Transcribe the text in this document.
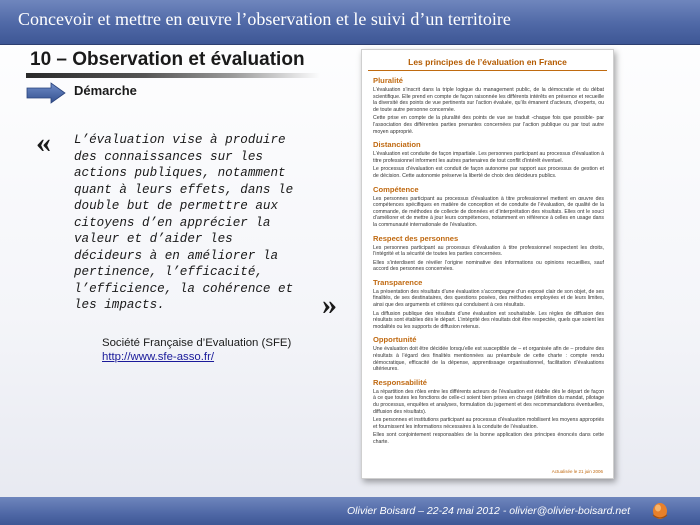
Concevoir et mettre en œuvre l’observation et le suivi d’un territoire
10 – Observation et évaluation
Démarche
« L’évaluation vise à produire
des connaissances sur les
actions publiques, notamment
quant à leurs effets, dans le
double but de permettre aux
citoyens d’en apprécier la
valeur et d’aider les
décideurs à en améliorer la
pertinence, l’efficacité,
l’efficience, la cohérence et
les impacts.	»
Société Française d’Evaluation (SFE)
http://www.sfe-asso.fr/
Les principes de l’évaluation en France
Pluralité

L’évaluation s’inscrit dans la triple logique du management public, de la démocratie et du débat scientifique. Elle prend en compte de façon raisonnée les différents intérêts en présence et recueille la diversité des points de vue pertinents sur l’action évaluée, qu’ils émanent d’acteurs, d’experts, ou de toute autre personne concernée.

Cette prise en compte de la pluralité des points de vue se traduit -chaque fois que possible- par l’association des différentes parties prenantes concernées par l’action publique ou par tout autre moyen approprié.

Distanciation

L’évaluation est conduite de façon impartiale. Les personnes participant au processus d’évaluation à titre professionnel informent les autres partenaires de tout conflit d’intérêt éventuel.

Le processus d’évaluation est conduit de façon autonome par rapport aux processus de gestion et de décision. Cette autonomie préserve la liberté de choix des décideurs publics.

Compétence

Les personnes participant au processus d’évaluation à titre professionnel mettent en œuvre des compétences spécifiques en matière de conception et de conduite de l’évaluation, de qualité de la commande, de méthodes de collecte de données et d’interprétation des résultats. Elles ont le souci d’améliorer et de mettre à jour leurs compétences, notamment en référence à celles en usage dans la communauté internationale de l’évaluation.

Respect des personnes

Les personnes participant au processus d’évaluation à titre professionnel respectent les droits, l’intégrité et la sécurité de toutes les parties concernées.

Elles s’interdisent de révéler l’origine nominative des informations ou opinions recueillies, sauf accord des personnes concernées.

Transparence

La présentation des résultats d’une évaluation s’accompagne d’un exposé clair de son objet, de ses finalités, de ses destinataires, des questions posées, des méthodes employées et de leurs limites, ainsi que des arguments et critères qui conduisent à ces résultats.

La diffusion publique des résultats d’une évaluation est souhaitable. Les règles de diffusion des résultats sont établies dès le départ. L’intégrité des résultats doit être respectée, quels que soient les modalités ou les supports de diffusion retenus.

Opportunité

Une évaluation doit être décidée lorsqu’elle est susceptible de – et organisée afin de – produire des résultats à l’égard des finalités mentionnées au préambule de cette charte : compte rendu démocratique, efficacité de la dépense, apprentissage organisationnel, facilitation d’évaluations ultérieures.

Responsabilité

La répartition des rôles entre les différents acteurs de l’évaluation est établie dès le départ de façon à ce que toutes les fonctions de celle-ci soient bien prises en charge (définition du mandat, pilotage du processus, enquêtes et analyses, formulation du jugement et des recommandations éventuelles, diffusion des résultats).

Les personnes et institutions participant au processus d’évaluation mobilisent les moyens appropriés et fournissent les informations nécessaires à la conduite de l’évaluation.

Elles sont conjointement responsables de la bonne application des principes énoncés dans cette charte.

Actualisée le 21 juin 2006
Olivier Boisard – 22-24 mai 2012 - olivier@olivier-boisard.net
